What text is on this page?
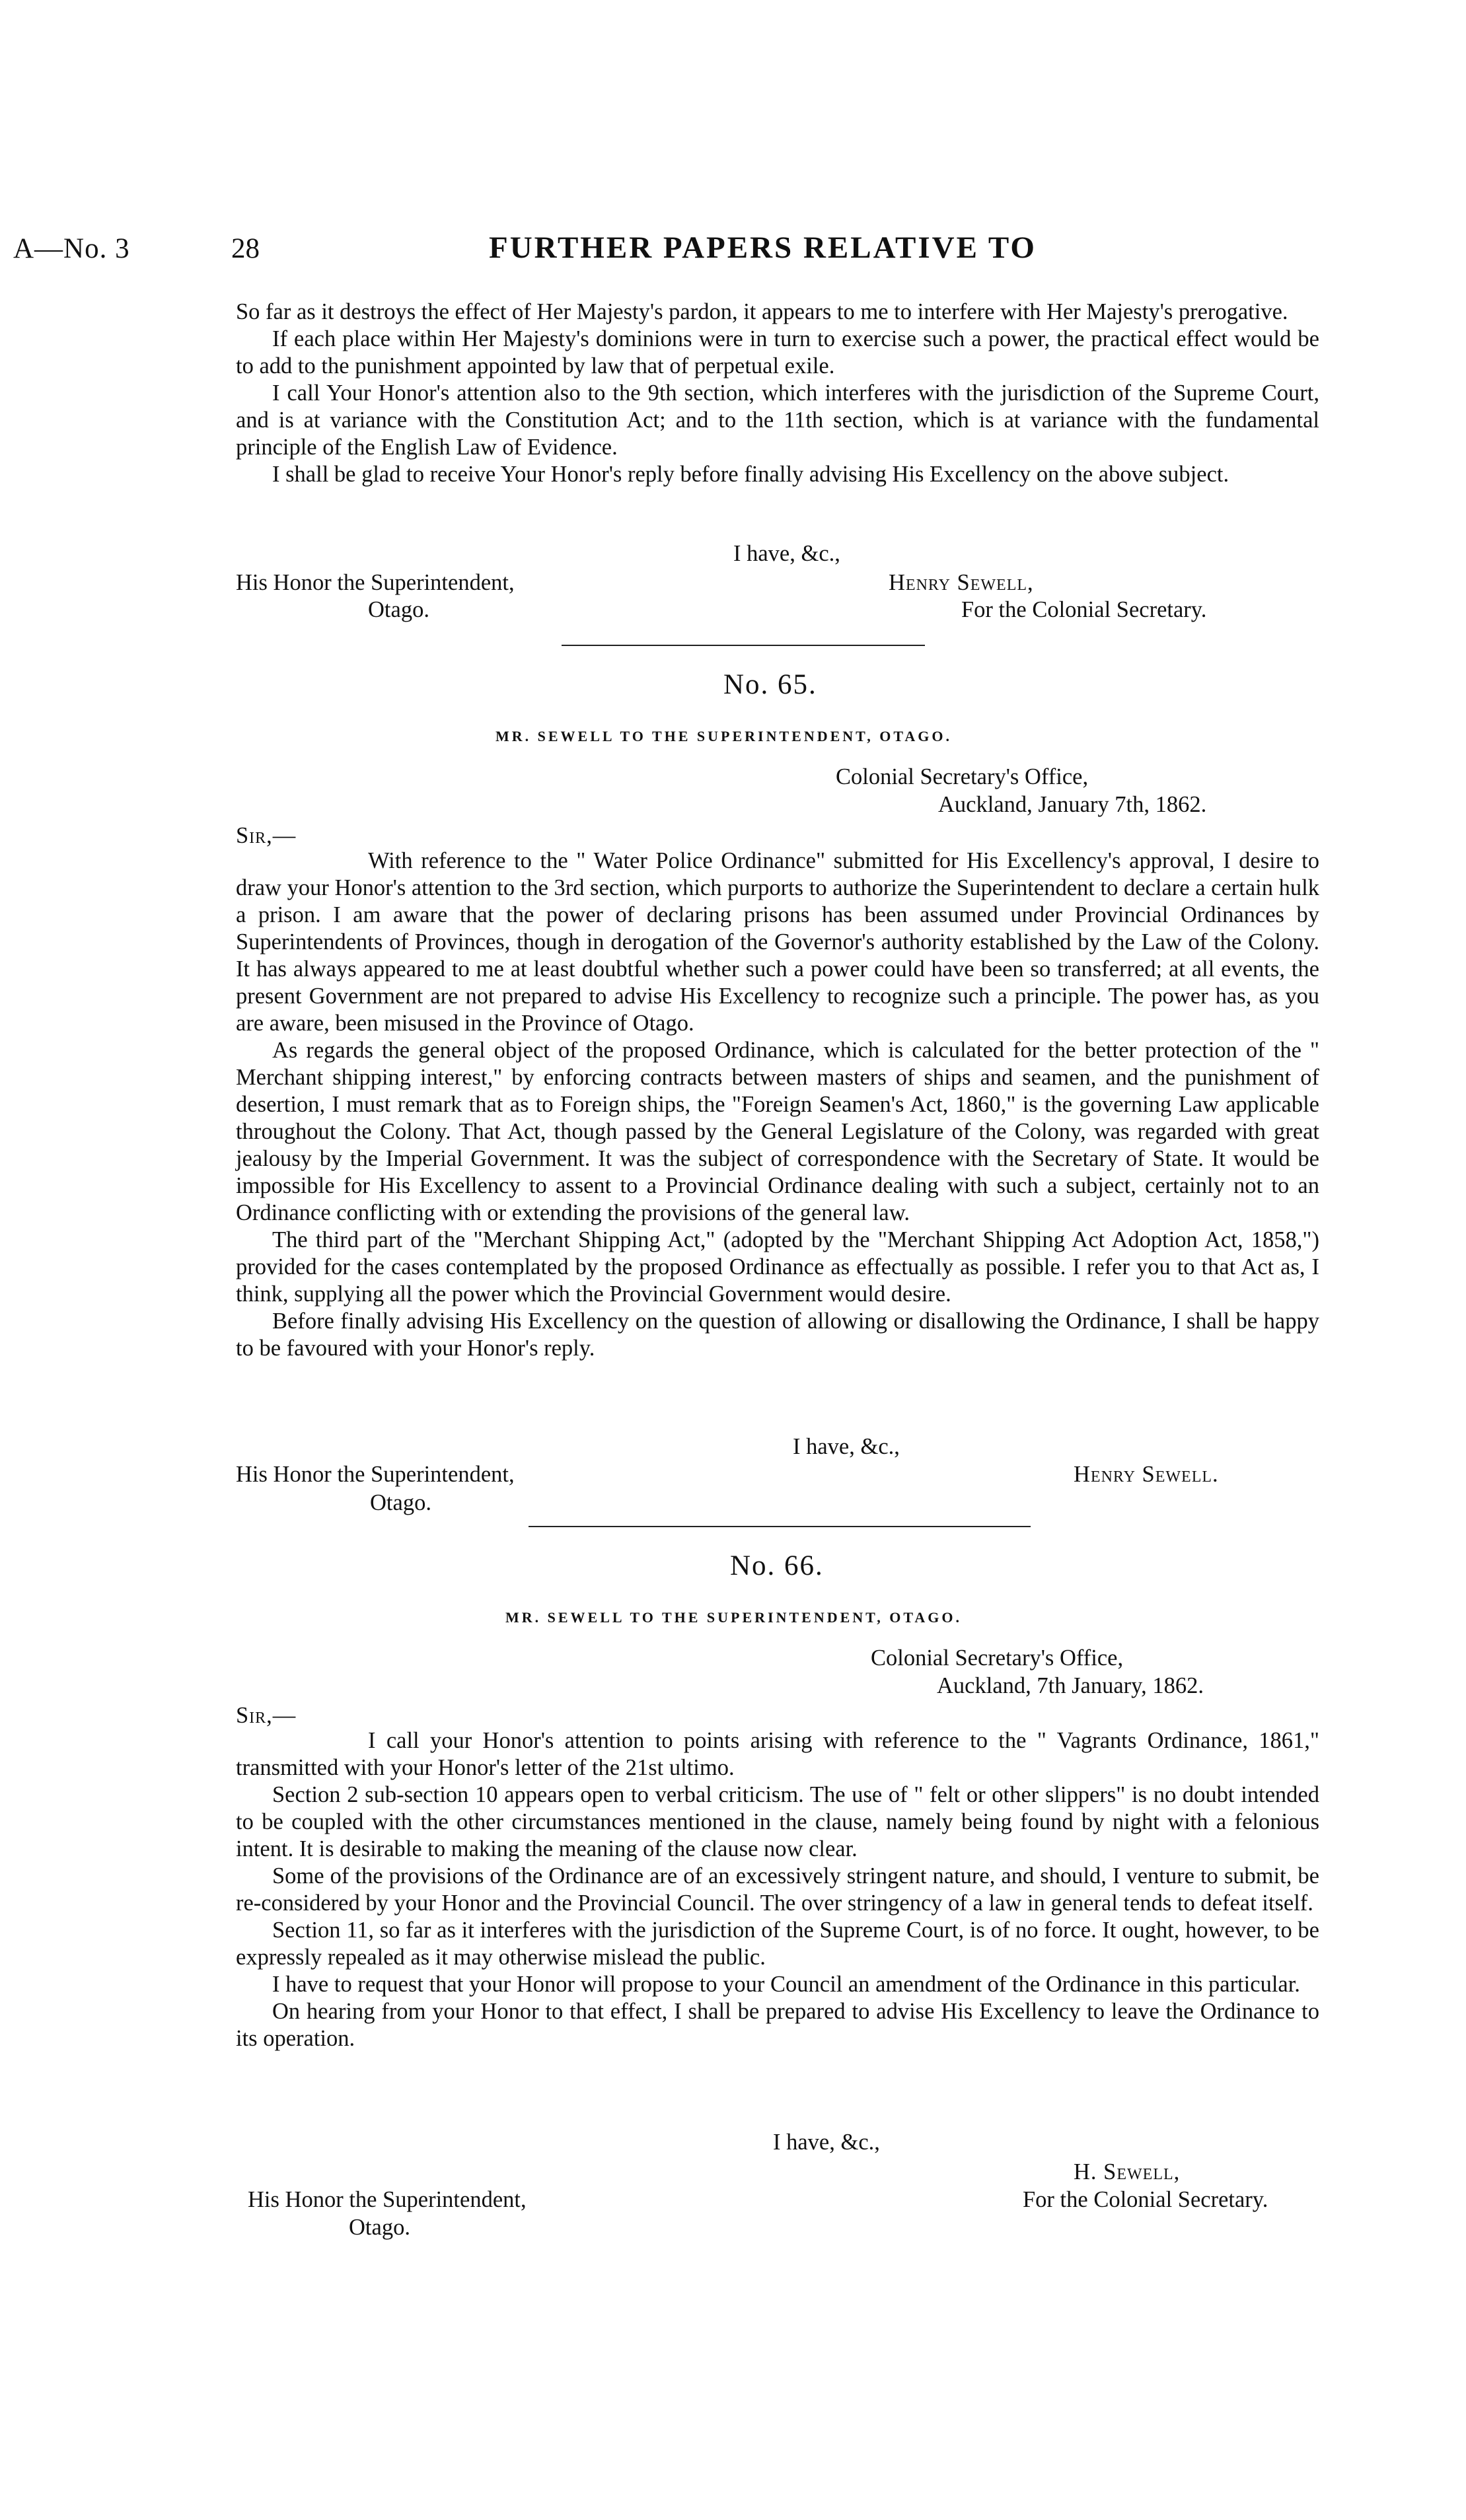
A—No. 3	28	FURTHER PAPERS RELATIVE TO

So far as it destroys the effect of Her Majesty's pardon, it appears to me to interfere with Her Majesty's prerogative.

If each place within Her Majesty's dominions were in turn to exercise such a power, the practical effect would be to add to the punishment appointed by law that of perpetual exile.

I call Your Honor's attention also to the 9th section, which interferes with the jurisdiction of the Supreme Court, and is at variance with the Constitution Act; and to the 11th section, which is at variance with the fundamental principle of the English Law of Evidence.

I shall be glad to receive Your Honor's reply before finally advising His Excellency on the above subject.

I have, &c.,
His Honor the Superintendent,	Henry Sewell,
Otago.	For the Colonial Secretary.
No. 65.
MR. SEWELL TO THE SUPERINTENDENT, OTAGO.
Colonial Secretary's Office,
Auckland, January 7th, 1862.
Sir,—

With reference to the " Water Police Ordinance" submitted for His Excellency's approval, I desire to draw your Honor's attention to the 3rd section, which purports to authorize the Superintendent to declare a certain hulk a prison. I am aware that the power of declaring prisons has been assumed under Provincial Ordinances by Superintendents of Provinces, though in derogation of the Governor's authority established by the Law of the Colony. It has always appeared to me at least doubtful whether such a power could have been so transferred; at all events, the present Government are not prepared to advise His Excellency to recognize such a principle. The power has, as you are aware, been misused in the Province of Otago.

As regards the general object of the proposed Ordinance, which is calculated for the better protection of the " Merchant shipping interest," by enforcing contracts between masters of ships and seamen, and the punishment of desertion, I must remark that as to Foreign ships, the "Foreign Seamen's Act, 1860," is the governing Law applicable throughout the Colony. That Act, though passed by the General Legislature of the Colony, was regarded with great jealousy by the Imperial Government. It was the subject of correspondence with the Secretary of State. It would be impossible for His Excellency to assent to a Provincial Ordinance dealing with such a subject, certainly not to an Ordinance conflicting with or extending the provisions of the general law.

The third part of the "Merchant Shipping Act," (adopted by the "Merchant Shipping Act Adoption Act, 1858,") provided for the cases contemplated by the proposed Ordinance as effectually as possible. I refer you to that Act as, I think, supplying all the power which the Provincial Government would desire.

Before finally advising His Excellency on the question of allowing or disallowing the Ordinance, I shall be happy to be favoured with your Honor's reply.

I have, &c.,
His Honor the Superintendent,	Henry Sewell.
Otago.
No. 66.
MR. SEWELL TO THE SUPERINTENDENT, OTAGO.
Colonial Secretary's Office,
Auckland, 7th January, 1862.
Sir,—

I call your Honor's attention to points arising with reference to the " Vagrants Ordinance, 1861," transmitted with your Honor's letter of the 21st ultimo.

Section 2 sub-section 10 appears open to verbal criticism. The use of " felt or other slippers" is no doubt intended to be coupled with the other circumstances mentioned in the clause, namely being found by night with a felonious intent. It is desirable to making the meaning of the clause now clear.

Some of the provisions of the Ordinance are of an excessively stringent nature, and should, I venture to submit, be re-considered by your Honor and the Provincial Council. The over stringency of a law in general tends to defeat itself.

Section 11, so far as it interferes with the jurisdiction of the Supreme Court, is of no force. It ought, however, to be expressly repealed as it may otherwise mislead the public.

I have to request that your Honor will propose to your Council an amendment of the Ordinance in this particular.

On hearing from your Honor to that effect, I shall be prepared to advise His Excellency to leave the Ordinance to its operation.

I have, &c.,
H. Sewell,
His Honor the Superintendent,	For the Colonial Secretary.
Otago.
